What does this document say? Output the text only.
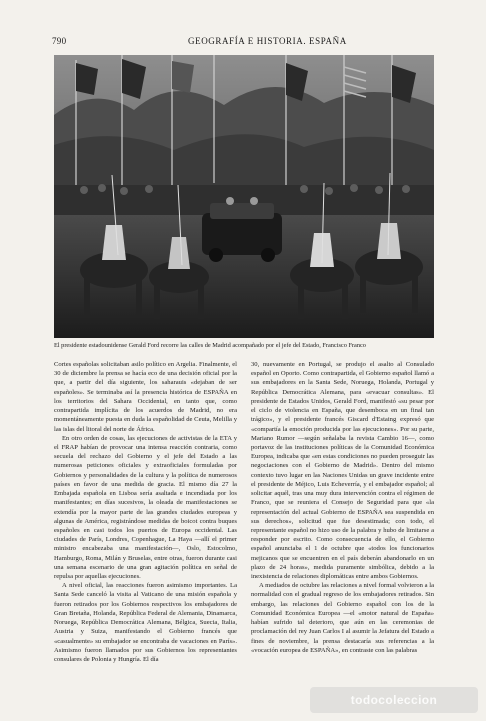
790	GEOGRAFÍA E HISTORIA. ESPAÑA
El presidente estadounidense Gerald Ford recorre las calles de Madrid acompañado por el jefe del Estado, Francisco Franco

Cortes españolas solicitaban asilo político en Argelia. Finalmente, el 30 de diciembre la prensa se hacía eco de una decisión oficial por la que, a partir del día siguiente, los saharauis «dejaban de ser españoles». Se terminaba así la presencia histórica de ESPAÑA en los territorios del Sahara Occidental, en tanto que, como contrapartida implícita de los acuerdos de Madrid, no era momentáneamente puesta en duda la españolidad de Ceuta, Melilla y las islas del litoral del norte de África.

En otro orden de cosas, las ejecuciones de activistas de la ETA y el FRAP habían de provocar una intensa reacción contraria, como secuela del rechazo del Gobierno y el jefe del Estado a las numerosas peticiones oficiales y extraoficiales formuladas por Gobiernos y personalidades de la cultura y la política de numerosos países en favor de una medida de gracia. El mismo día 27 la Embajada española en Lisboa sería asaltada e incendiada por los manifestantes; en días sucesivos, la oleada de manifestaciones se extendía por la mayor parte de las grandes ciudades europeas y algunas de América, registrándose medidas de boicot contra buques españoles en casi todos los puertos de Europa occidental. Las ciudades de París, Londres, Copenhague, La Haya —allí el primer ministro encabezaba una manifestación—, Oslo, Estocolmo, Hamburgo, Roma, Milán y Bruselas, entre otras, fueron durante casi una semana escenario de una gran agitación política en señal de repulsa por aquellas ejecuciones.

A nivel oficial, las reacciones fueron asimismo importantes. La Santa Sede canceló la visita al Vaticano de una misión española y fueron retirados por los Gobiernos respectivos los embajadores de Gran Bretaña, Holanda, República Federal de Alemania, Dinamarca, Noruega, República Democrática Alemana, Bélgica, Suecia, Italia, Austria y Suiza, manifestando el Gobierno francés que «casualmente» su embajador se encontraba de vacaciones en París». Asimismo fueron llamados por sus Gobiernos los representantes consulares de Polonia y Hungría. El día

30, nuevamente en Portugal, se produjo el asalto al Consulado español en Oporto. Como contrapartida, el Gobierno español llamó a sus embajadores en la Santa Sede, Noruega, Holanda, Portugal y República Democrática Alemana, para «evacuar consultas». El presidente de Estados Unidos, Gerald Ford, manifestó «su pesar por el ciclo de violencia en España, que desemboca en un final tan trágico», y el presidente francés Giscard d'Estaing expresó que «compartía la emoción producida por las ejecuciones». Por su parte, Mariano Rumor —según señalaba la revista Cambio 16—, como portavoz de las instituciones políticas de la Comunidad Económica Europea, indicaba que «en estas condiciones no pueden proseguir las negociaciones con el Gobierno de Madrid». Dentro del mismo contexto tuvo lugar en las Naciones Unidas un grave incidente entre el presidente de Méjico, Luis Echeverría, y el embajador español; al solicitar aquél, tras una muy dura intervención contra el régimen de Franco, que se reuniera el Consejo de Seguridad para que «la representación del actual Gobierno de ESPAÑA sea suspendida en sus derechos», solicitud que fue desestimada; con todo, el representante español no hizo uso de la palabra y hubo de limitarse a responder por escrito. Como consecuencia de ello, el Gobierno español anunciaba el 1 de octubre que «todos los funcionarios mejicanos que se encuentren en el país deberán abandonarlo en un plazo de 24 horas», medida puramente simbólica, debido a la inexistencia de relaciones diplomáticas entre ambos Gobiernos.

A mediados de octubre las relaciones a nivel formal volvieron a la normalidad con el gradual regreso de los embajadores retirados. Sin embargo, las relaciones del Gobierno español con los de la Comunidad Económica Europea —el «motor natural de España» habían sufrido tal deterioro, que aún en las ceremonias de proclamación del rey Juan Carlos I al asumir la Jefatura del Estado a fines de noviembre, la prensa destacaría sus referencias a la «vocación europea de ESPAÑA», en contraste con las palabras

todocoleccion
